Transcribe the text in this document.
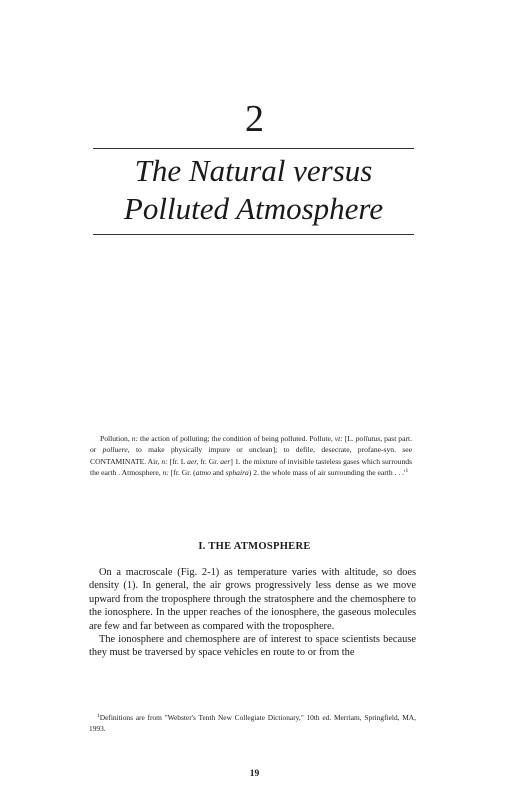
2
The Natural versus
Polluted Atmosphere

Pollution, n: the action of polluting; the condition of being polluted. Pollute, vt: [L. pollutus, past part. or polluere, to make physically impure or unclean]; to defile, desecrate, profane-syn. see CONTAMINATE. Air, n: [fr. L aer, fr. Gr. aer] 1. the mixture of invisible tasteless gases which surrounds the earth . Atmosphere, n: [fr. Gr. (atmo and sphaira) 2. the whole mass of air surrounding the earth . . $.'^1$

I. THE ATMOSPHERE

On a macroscale (Fig. 2-1) as temperature varies with altitude, so does density (1). In general, the air grows progressively less dense as we move upward from the troposphere through the stratosphere and the chemosphere to the ionosphere. In the upper reaches of the ionosphere, the gaseous molecules are few and far between as compared with the troposphere.

The ionosphere and chemosphere are of interest to space scientists because they must be traversed by space vehicles en route to or from the

$^1$Definitions are from "Webster's Tenth New Collegiate Dictionary," 10th ed. Merriam, Springfield, MA, 1993.

19
